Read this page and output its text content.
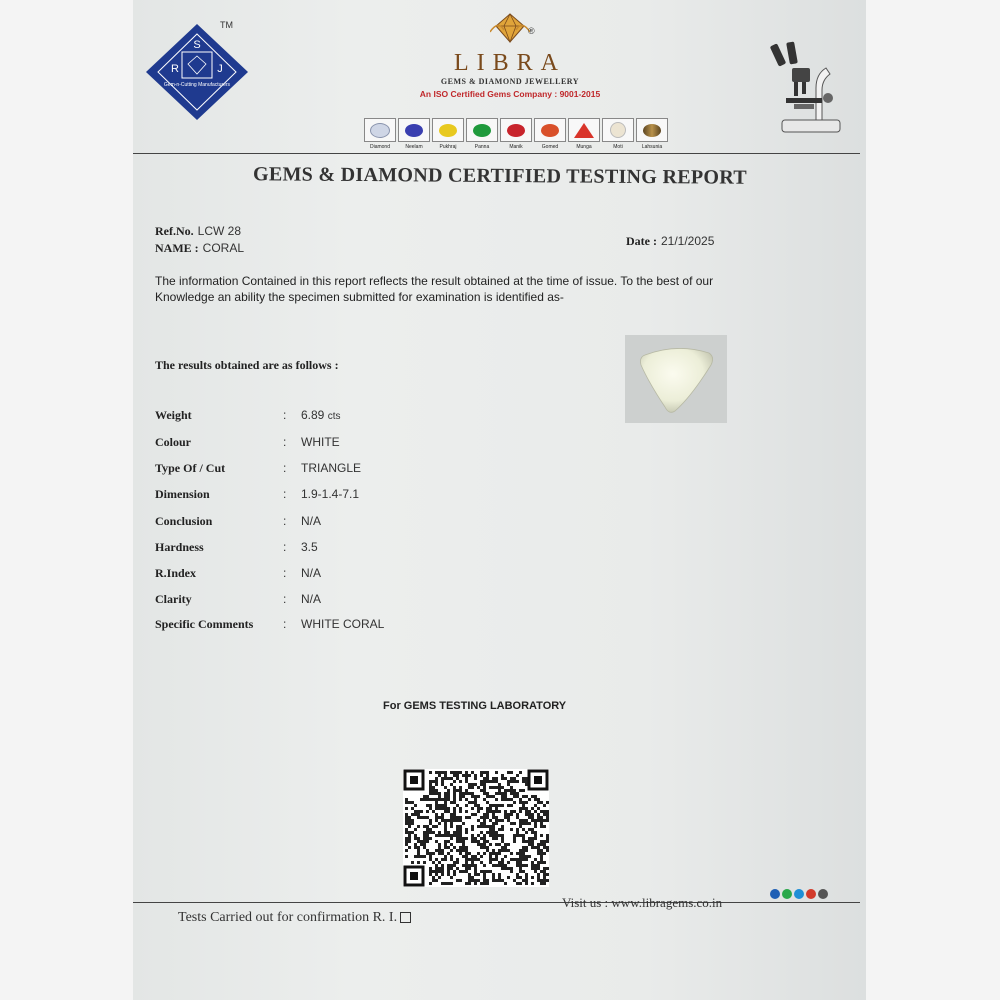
S
R	J
Gem-n-Cutting Manufacturers
TM
®
LIBRA
GEMS & DIAMOND JEWELLERY
An ISO Certified Gems Company : 9001-2015
Diamond	Neelam	Pukhraj	Panna	Manik	Gomed	Munga	Moti	Lahsunia
GEMS & DIAMOND CERTIFIED TESTING REPORT
Ref.No. LCW 28
NAME : CORAL	Date : 21/1/2025
The information Contained in this report reflects the result obtained at the time of issue. To the best of our
Knowledge an ability the specimen submitted for examination is identified as-
The results obtained are as follows :
Weight	: 6.89 cts
Colour	: WHITE
Type Of / Cut	: TRIANGLE
Dimension	: 1.9-1.4-7.1
Conclusion	: N/A
Hardness	: 3.5
R.Index	: N/A
Clarity	: N/A
Specific Comments : WHITE CORAL
For GEMS TESTING LABORATORY
Tests Carried out for confirmation R. I.
Visit us : www.libragems.co.in
